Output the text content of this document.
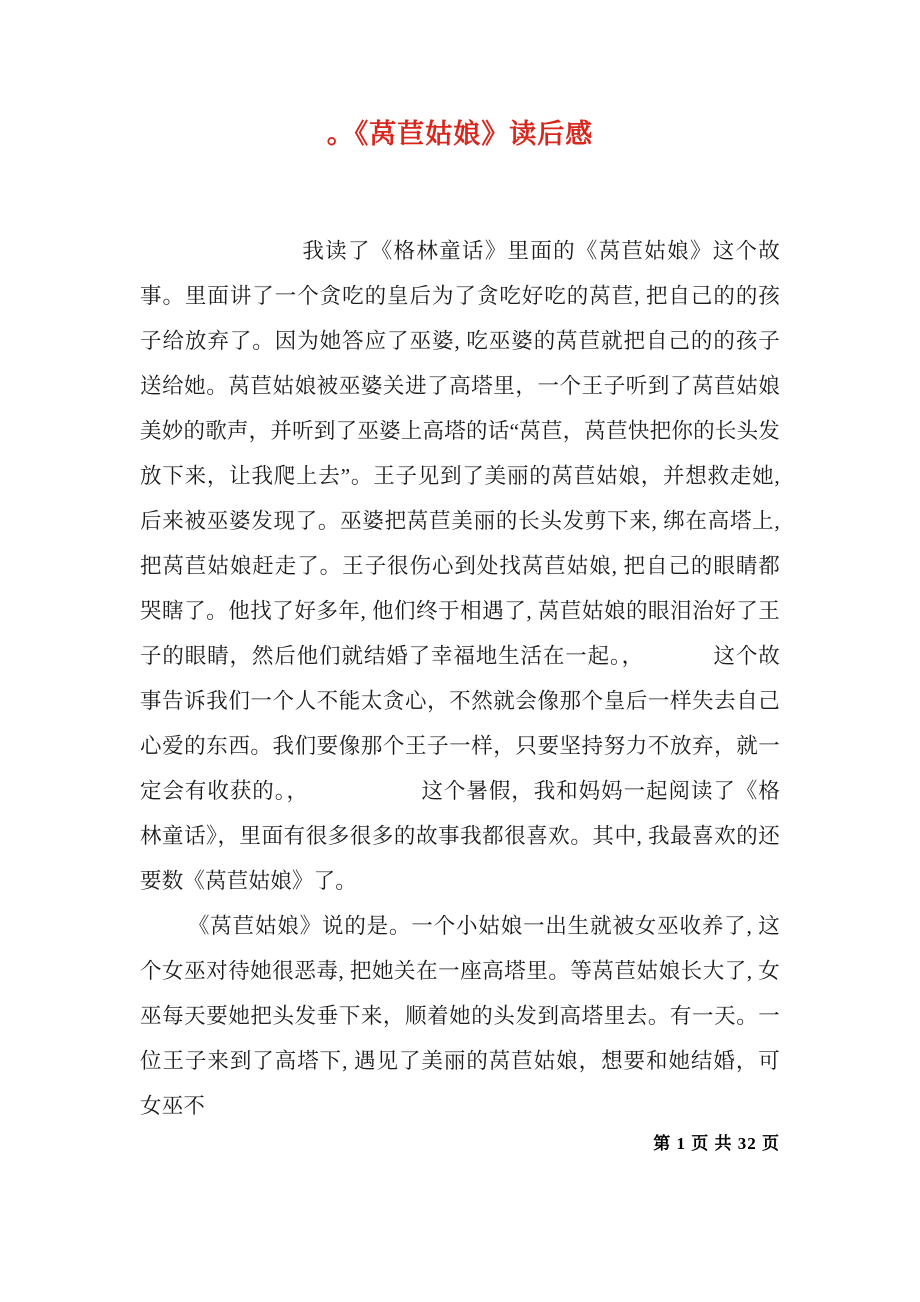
。《莴苣姑娘》读后感

我读了《格林童话》里面的《莴苣姑娘》这个故事。里面讲了一个贪吃的皇后为了贪吃好吃的莴苣, 把自己的的孩子给放弃了。因为她答应了巫婆, 吃巫婆的莴苣就把自己的的孩子送给她。莴苣姑娘被巫婆关进了高塔里，一个王子听到了莴苣姑娘美妙的歌声，并听到了巫婆上高塔的话“莴苣，莴苣快把你的长头发放下来，让我爬上去”。王子见到了美丽的莴苣姑娘，并想救走她, 后来被巫婆发现了。巫婆把莴苣美丽的长头发剪下来, 绑在高塔上, 把莴苣姑娘赶走了。王子很伤心到处找莴苣姑娘, 把自己的眼睛都哭瞎了。他找了好多年, 他们终于相遇了, 莴苣姑娘的眼泪治好了王子的眼睛，然后他们就结婚了幸福地生活在一起。，	这个故事告诉我们一个人不能太贪心，不然就会像那个皇后一样失去自己心爱的东西。我们要像那个王子一样，只要坚持努力不放弃，就一定会有收获的。，	这个暑假，我和妈妈一起阅读了《格林童话》，里面有很多很多的故事我都很喜欢。其中, 我最喜欢的还要数《莴苣姑娘》了。

《莴苣姑娘》说的是。一个小姑娘一出生就被女巫收养了, 这个女巫对待她很恶毒, 把她关在一座高塔里。等莴苣姑娘长大了, 女巫每天要她把头发垂下来，顺着她的头发到高塔里去。有一天。一位王子来到了高塔下, 遇见了美丽的莴苣姑娘，想要和她结婚，可女巫不

第 1 页 共 32 页
